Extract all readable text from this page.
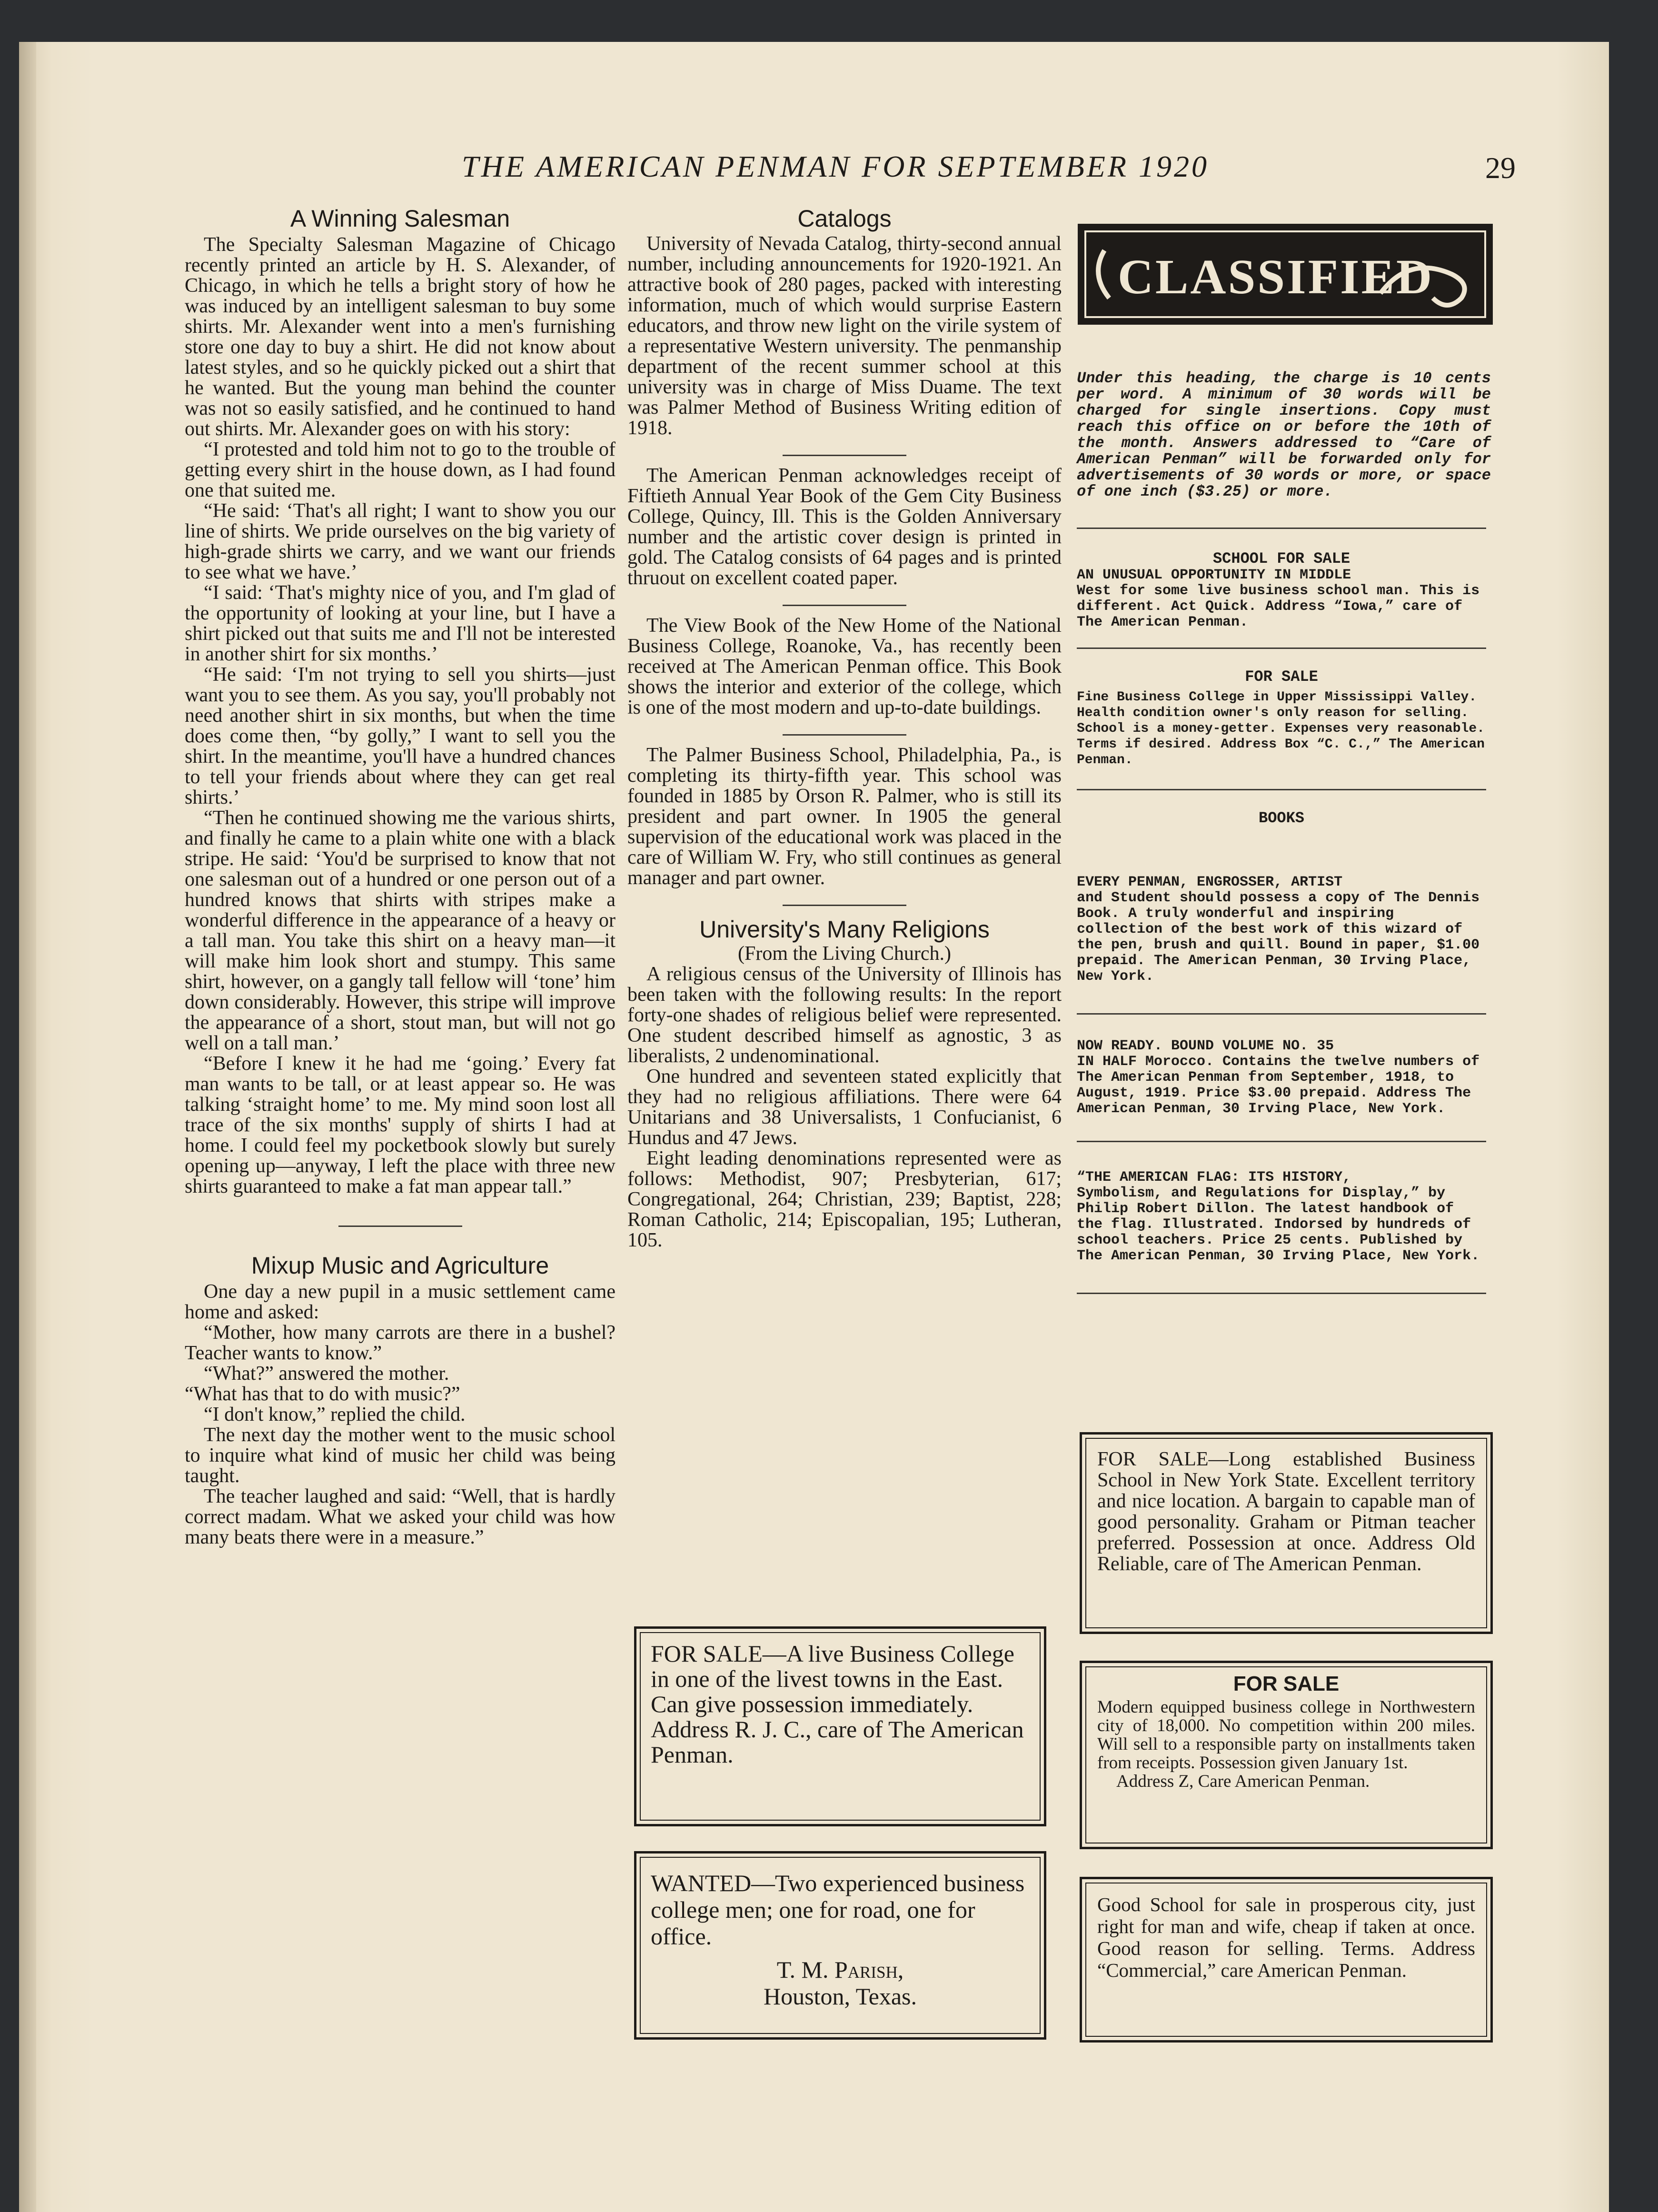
THE AMERICAN PENMAN FOR SEPTEMBER 1920	29
A Winning Salesman

The Specialty Salesman Magazine of Chicago recently printed an article by H. S. Alexander, of Chicago, in which he tells a bright story of how he was induced by an intelligent salesman to buy some shirts. Mr. Alexander went into a men's furnishing store one day to buy a shirt. He did not know about latest styles, and so he quickly picked out a shirt that he wanted. But the young man behind the counter was not so easily satisfied, and he continued to hand out shirts. Mr. Alexander goes on with his story:

“I protested and told him not to go to the trouble of getting every shirt in the house down, as I had found one that suited me.

“He said: ‘That's all right; I want to show you our line of shirts. We pride ourselves on the big variety of high-grade shirts we carry, and we want our friends to see what we have.’

“I said: ‘That's mighty nice of you, and I'm glad of the opportunity of looking at your line, but I have a shirt picked out that suits me and I'll not be interested in another shirt for six months.’

“He said: ‘I'm not trying to sell you shirts—just want you to see them. As you say, you'll probably not need another shirt in six months, but when the time does come then, “by golly,” I want to sell you the shirt. In the meantime, you'll have a hundred chances to tell your friends about where they can get real shirts.’

“Then he continued showing me the various shirts, and finally he came to a plain white one with a black stripe. He said: ‘You'd be surprised to know that not one salesman out of a hundred or one person out of a hundred knows that shirts with stripes make a wonderful difference in the appearance of a heavy or a tall man. You take this shirt on a heavy man—it will make him look short and stumpy. This same shirt, however, on a gangly tall fellow will ‘tone’ him down considerably. However, this stripe will improve the appearance of a short, stout man, but will not go well on a tall man.’

“Before I knew it he had me ‘going.’ Every fat man wants to be tall, or at least appear so. He was talking ‘straight home’ to me. My mind soon lost all trace of the six months' supply of shirts I had at home. I could feel my pocketbook slowly but surely opening up—anyway, I left the place with three new shirts guaranteed to make a fat man appear tall.”

Mixup Music and Agriculture

One day a new pupil in a music settlement came home and asked:

“Mother, how many carrots are there in a bushel? Teacher wants to know.”

“What?” answered the mother.

“What has that to do with music?”

“I don't know,” replied the child.

The next day the mother went to the music school to inquire what kind of music her child was being taught.

The teacher laughed and said: “Well, that is hardly correct madam. What we asked your child was how many beats there were in a measure.”

Catalogs

University of Nevada Catalog, thirty-second annual number, including announcements for 1920-1921. An attractive book of 280 pages, packed with interesting information, much of which would surprise Eastern educators, and throw new light on the virile system of a representative Western university. The penmanship department of the recent summer school at this university was in charge of Miss Duame. The text was Palmer Method of Business Writing edition of 1918.

The American Penman acknowledges receipt of Fiftieth Annual Year Book of the Gem City Business College, Quincy, Ill. This is the Golden Anniversary number and the artistic cover design is printed in gold. The Catalog consists of 64 pages and is printed thruout on excellent coated paper.

The View Book of the New Home of the National Business College, Roanoke, Va., has recently been received at The American Penman office. This Book shows the interior and exterior of the college, which is one of the most modern and up-to-date buildings.

The Palmer Business School, Philadelphia, Pa., is completing its thirty-fifth year. This school was founded in 1885 by Orson R. Palmer, who is still its president and part owner. In 1905 the general supervision of the educational work was placed in the care of William W. Fry, who still continues as general manager and part owner.

University's Many Religions

(From the Living Church.)

A religious census of the University of Illinois has been taken with the following results: In the report forty-one shades of religious belief were represented. One student described himself as agnostic, 3 as liberalists, 2 undenominational.

One hundred and seventeen stated explicitly that they had no religious affiliations. There were 64 Unitarians and 38 Universalists, 1 Confucianist, 6 Hundus and 47 Jews.

Eight leading denominations represented were as follows: Methodist, 907; Presbyterian, 617; Congregational, 264; Christian, 239; Baptist, 228; Roman Catholic, 214; Episcopalian, 195; Lutheran, 105.

FOR SALE—A live Business College in one of the livest towns in the East. Can give possession immediately. Address R. J. C., care of The American Penman.

WANTED—Two experienced business college men; one for road, one for office.

T. M. Parish,

Houston, Texas.

CLASSIFIED
Under this heading, the charge is 10 cents per word. A minimum of 30 words will be charged for single insertions. Copy must reach this office on or before the 10th of the month. Answers addressed to “Care of American Penman” will be forwarded only for advertisements of 30 words or more, or space of one inch ($3.25) or more.
SCHOOL FOR SALE
AN UNUSUAL OPPORTUNITY IN MIDDLE
West for some live business school man. This is different. Act Quick. Address “Iowa,” care of The American Penman.
FOR SALE
Fine Business College in Upper Mississippi Valley. Health condition owner's only reason for selling. School is a money-getter. Expenses very reasonable. Terms if desired. Address Box “C. C.,” The American Penman.
BOOKS
EVERY PENMAN, ENGROSSER, ARTIST
and Student should possess a copy of The Dennis Book. A truly wonderful and inspiring collection of the best work of this wizard of the pen, brush and quill. Bound in paper, $1.00 prepaid. The American Penman, 30 Irving Place, New York.
NOW READY. BOUND VOLUME NO. 35
IN HALF Morocco. Contains the twelve numbers of The American Penman from September, 1918, to August, 1919. Price $3.00 prepaid. Address The American Penman, 30 Irving Place, New York.
“THE AMERICAN FLAG: ITS HISTORY,
Symbolism, and Regulations for Display,” by Philip Robert Dillon. The latest handbook of the flag. Illustrated. Indorsed by hundreds of school teachers. Price 25 cents. Published by The American Penman, 30 Irving Place, New York.

FOR SALE—Long established Business School in New York State. Excellent territory and nice location. A bargain to capable man of good personality. Graham or Pitman teacher preferred. Possession at once. Address Old Reliable, care of The American Penman.

FOR SALE

Modern equipped business college in Northwestern city of 18,000. No competition within 200 miles. Will sell to a responsible party on installments taken from receipts. Possession given January 1st.

Address Z, Care American Penman.

Good School for sale in prosperous city, just right for man and wife, cheap if taken at once. Good reason for selling. Terms. Address “Commercial,” care American Penman.
